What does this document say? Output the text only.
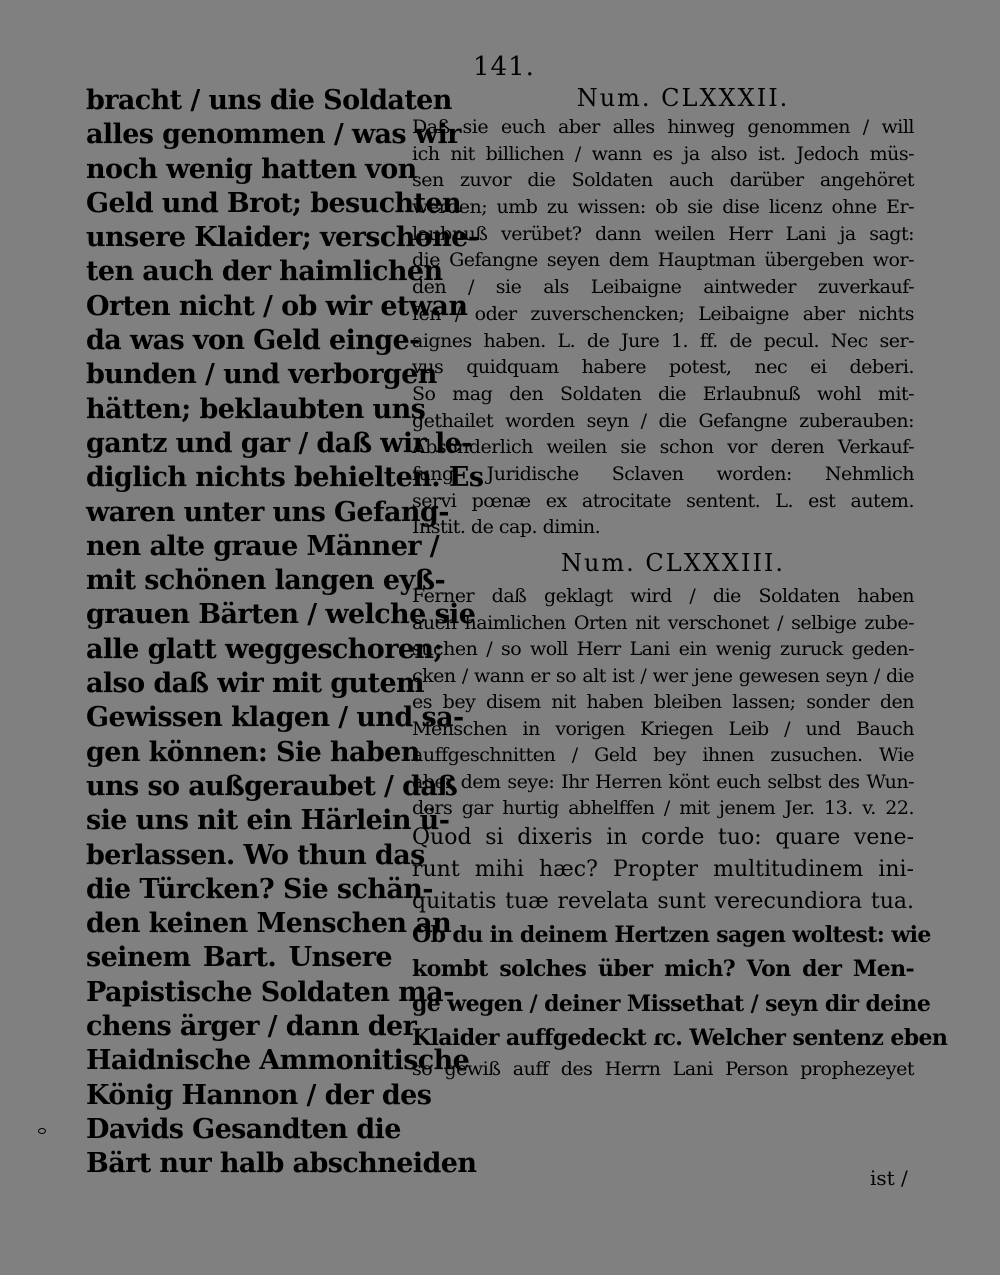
141.
bracht / uns die Soldaten
alles genommen / was wir
noch wenig hatten von
Geld und Brot; besuchten
unsere Klaider; verschone-
ten auch der haimlichen
Orten nicht / ob wir etwan
da was von Geld einge-
bunden / und verborgen
hätten; beklaubten uns
gantz und gar / daß wir le-
diglich nichts behielten. Es
waren unter uns Gefang-
nen alte graue Männer /
mit schönen langen eyß-
grauen Bärten / welche sie
alle glatt weggeschoren;
also daß wir mit gutem
Gewissen klagen / und sa-
gen können: Sie haben
uns so außgeraubet / daß
sie uns nit ein Härlein ü-
berlassen. Wo thun das
die Türcken? Sie schän-
den keinen Menschen an
seinem Bart. Unsere
Papistische Soldaten ma-
chens ärger / dann der
Haidnische Ammonitische
König Hannon / der des
Davids Gesandten die
Bärt nur halb abschneiden
Num. CLXXXII.
Daß sie euch aber alles hinweg genommen / will
ich nit billichen / wann es ja also ist. Jedoch müs-
sen zuvor die Soldaten auch darüber angehöret
werden; umb zu wissen: ob sie dise licenz ohne Er-
laubnuß verübet? dann weilen Herr Lani ja sagt:
die Gefangne seyen dem Hauptman übergeben wor-
den / sie als Leibaigne aintweder zuverkauf-
fen / oder zuverschencken; Leibaigne aber nichts
aignes haben. L. de Jure 1. ff. de pecul. Nec ser-
vus quidquam habere potest, nec ei deberi.
So mag den Soldaten die Erlaubnuß wohl mit-
gethailet worden seyn / die Gefangne zuberauben:
Absonderlich weilen sie schon vor deren Verkauf-
fung Juridische Sclaven worden: Nehmlich
servi pœnæ ex atrocitate sentent. L. est autem.
Instit. de cap. dimin.
Num. CLXXXIII.
Ferner daß geklagt wird / die Soldaten haben
auch haimlichen Orten nit verschonet / selbige zube-
suchen / so woll Herr Lani ein wenig zuruck geden-
cken / wann er so alt ist / wer jene gewesen seyn / die
es bey disem nit haben bleiben lassen; sonder den
Menschen in vorigen Kriegen Leib / und Bauch
auffgeschnitten / Geld bey ihnen zusuchen. Wie
aber dem seye: Ihr Herren könt euch selbst des Wun-
ders gar hurtig abhelffen / mit jenem Jer. 13. v. 22.
Quod si dixeris in corde tuo: quare vene-
runt mihi hæc? Propter multitudinem ini-
quitatis tuæ revelata sunt verecundiora tua.
Ob du in deinem Hertzen sagen woltest: wie
kombt solches über mich? Von der Men-
ge wegen / deiner Missethat / seyn dir deine
Klaider auffgedeckt ɾc. Welcher sentenz eben
so gewiß auff des Herrn Lani Person prophezeyet
ist /
